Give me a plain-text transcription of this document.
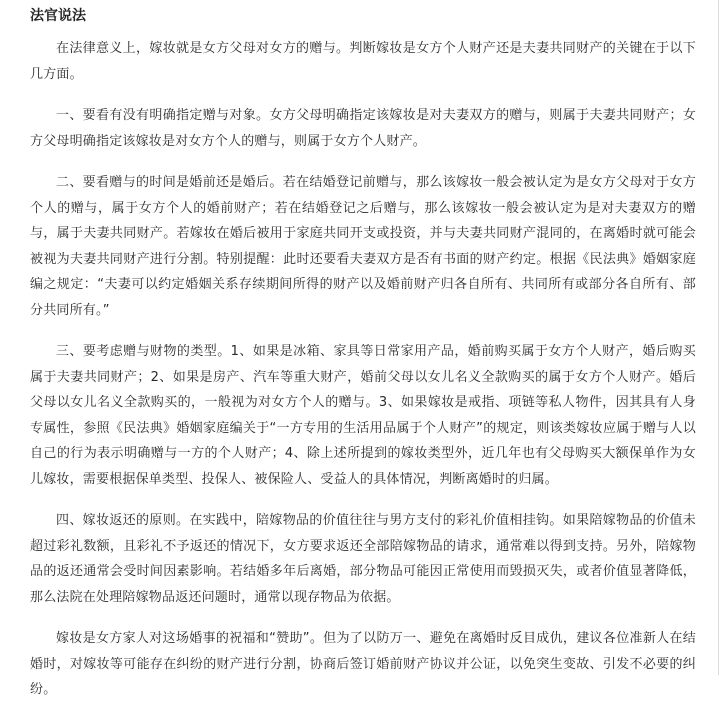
法官说法

在法律意义上，嫁妆就是女方父母对女方的赠与。判断嫁妆是女方个人财产还是夫妻共同财产的关键在于以下几方面。

一、要看有没有明确指定赠与对象。女方父母明确指定该嫁妆是对夫妻双方的赠与，则属于夫妻共同财产；女方父母明确指定该嫁妆是对女方个人的赠与，则属于女方个人财产。

二、要看赠与的时间是婚前还是婚后。若在结婚登记前赠与，那么该嫁妆一般会被认定为是女方父母对于女方个人的赠与，属于女方个人的婚前财产；若在结婚登记之后赠与，那么该嫁妆一般会被认定为是对夫妻双方的赠与，属于夫妻共同财产。若嫁妆在婚后被用于家庭共同开支或投资，并与夫妻共同财产混同的，在离婚时就可能会被视为夫妻共同财产进行分割。特别提醒：此时还要看夫妻双方是否有书面的财产约定。根据《民法典》婚姻家庭编之规定：“夫妻可以约定婚姻关系存续期间所得的财产以及婚前财产归各自所有、共同所有或部分各自所有、部分共同所有。”

三、要考虑赠与财物的类型。1、如果是冰箱、家具等日常家用产品，婚前购买属于女方个人财产，婚后购买属于夫妻共同财产；2、如果是房产、汽车等重大财产，婚前父母以女儿名义全款购买的属于女方个人财产。婚后父母以女儿名义全款购买的，一般视为对女方个人的赠与。3、如果嫁妆是戒指、项链等私人物件，因其具有人身专属性，参照《民法典》婚姻家庭编关于“一方专用的生活用品属于个人财产”的规定，则该类嫁妆应属于赠与人以自己的行为表示明确赠与一方的个人财产；4、除上述所提到的嫁妆类型外，近几年也有父母购买大额保单作为女儿嫁妆，需要根据保单类型、投保人、被保险人、受益人的具体情况，判断离婚时的归属。

四、嫁妆返还的原则。在实践中，陪嫁物品的价值往往与男方支付的彩礼价值相挂钩。如果陪嫁物品的价值未超过彩礼数额，且彩礼不予返还的情况下，女方要求返还全部陪嫁物品的请求，通常难以得到支持。另外，陪嫁物品的返还通常会受时间因素影响。若结婚多年后离婚，部分物品可能因正常使用而毁损灭失，或者价值显著降低，那么法院在处理陪嫁物品返还问题时，通常以现存物品为依据。

嫁妆是女方家人对这场婚事的祝福和“赞助”。但为了以防万一、避免在离婚时反目成仇，建议各位准新人在结婚时，对嫁妆等可能存在纠纷的财产进行分割，协商后签订婚前财产协议并公证，以免突生变故、引发不必要的纠纷。
